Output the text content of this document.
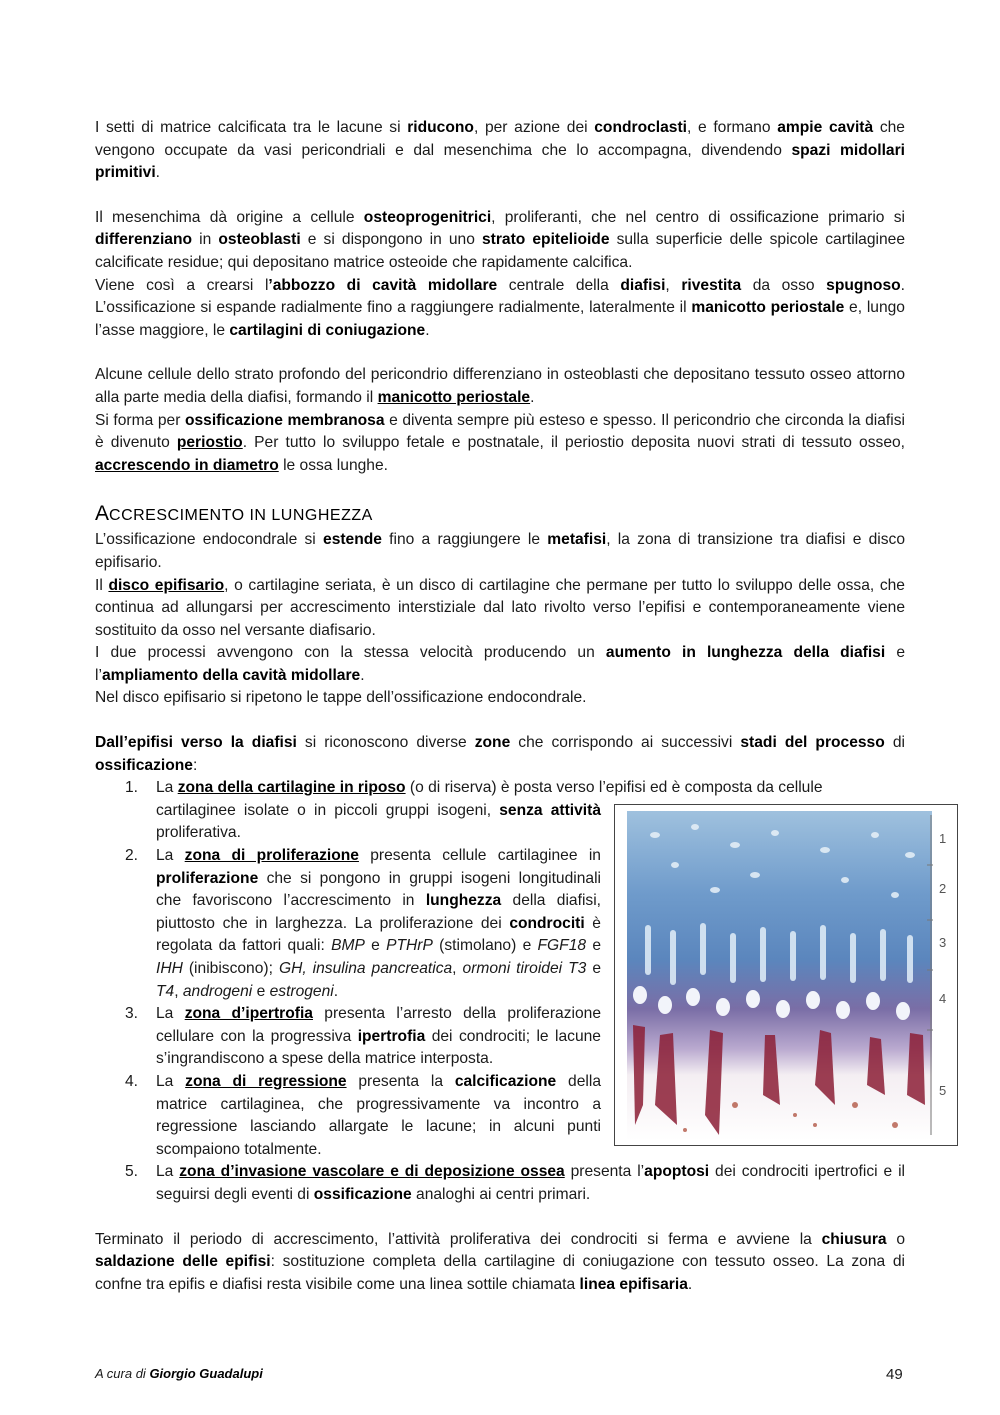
I setti di matrice calcificata tra le lacune si riducono, per azione dei condroclasti, e formano ampie cavità che vengono occupate da vasi pericondriali e dal mesenchima che lo accompagna, divendendo spazi midollari primitivi.

Il mesenchima dà origine a cellule osteoprogenitrici, proliferanti, che nel centro di ossificazione primario si differenziano in osteoblasti e si dispongono in uno strato epitelioide sulla superficie delle spicole cartilaginee calcificate residue; qui depositano matrice osteoide che rapidamente calcifica.

Viene così a crearsi l’abbozzo di cavità midollare centrale della diafisi, rivestita da osso spugnoso. L’ossificazione si espande radialmente fino a raggiungere radialmente, lateralmente il manicotto periostale e, lungo l’asse maggiore, le cartilagini di coniugazione.

Alcune cellule dello strato profondo del pericondrio differenziano in osteoblasti che depositano tessuto osseo attorno alla parte media della diafisi, formando il manicotto periostale.

Si forma per ossificazione membranosa e diventa sempre più esteso e spesso. Il pericondrio che circonda la diafisi è divenuto periostio. Per tutto lo sviluppo fetale e postnatale, il periostio deposita nuovi strati di tessuto osseo, accrescendo in diametro le ossa lunghe.

ACCRESCIMENTO IN LUNGHEZZA

L’ossificazione endocondrale si estende fino a raggiungere le metafisi, la zona di transizione tra diafisi e disco epifisario.

Il disco epifisario, o cartilagine seriata, è un disco di cartilagine che permane per tutto lo sviluppo delle ossa, che continua ad allungarsi per accrescimento interstiziale dal lato rivolto verso l’epifisi e contemporaneamente viene sostituito da osso nel versante diafisario.

I due processi avvengono con la stessa velocità producendo un aumento in lunghezza della diafisi e l’ampliamento della cavità midollare.

Nel disco epifisario si ripetono le tappe dell’ossificazione endocondrale.

Dall’epifisi verso la diafisi si riconoscono diverse zone che corrispondo ai successivi stadi del processo di ossificazione:

1. La zona della cartilagine in riposo (o di riserva) è posta verso l’epifisi ed è composta da cellule
cartilaginee isolate o in piccoli gruppi isogeni, senza attività proliferativa.
2. La zona di proliferazione presenta cellule cartilaginee in proliferazione che si pongono in gruppi isogeni longitudinali che favoriscono l’accrescimento in lunghezza della diafisi, piuttosto che in larghezza. La proliferazione dei condrociti è regolata da fattori quali: BMP e PTHrP (stimolano) e FGF18 e IHH (inibiscono); GH, insulina pancreatica, ormoni tiroidei T3 e T4, androgeni e estrogeni.
3. La zona d’ipertrofia presenta l’arresto della proliferazione cellulare con la progressiva ipertrofia dei condrociti; le lacune s’ingrandiscono a spese della matrice interposta.
4. La zona di regressione presenta la calcificazione della matrice cartilaginea, che progressivamente va incontro a regressione lasciando allargate le lacune; in alcuni punti scompaiono totalmente.
5. La zona d’invasione vascolare e di deposizione ossea presenta l’apoptosi dei condrociti ipertrofici e il seguirsi degli eventi di ossificazione analoghi ai centri primari.

Terminato il periodo di accrescimento, l’attività proliferativa dei condrociti si ferma e avviene la chiusura o saldazione delle epifisi: sostituzione completa della cartilagine di coniugazione con tessuto osseo. La zona di confne tra epifis e diafisi resta visibile come una linea sottile chiamata linea epifisaria.

1
2
3
4
5
A cura di Giorgio Guadalupi	49
